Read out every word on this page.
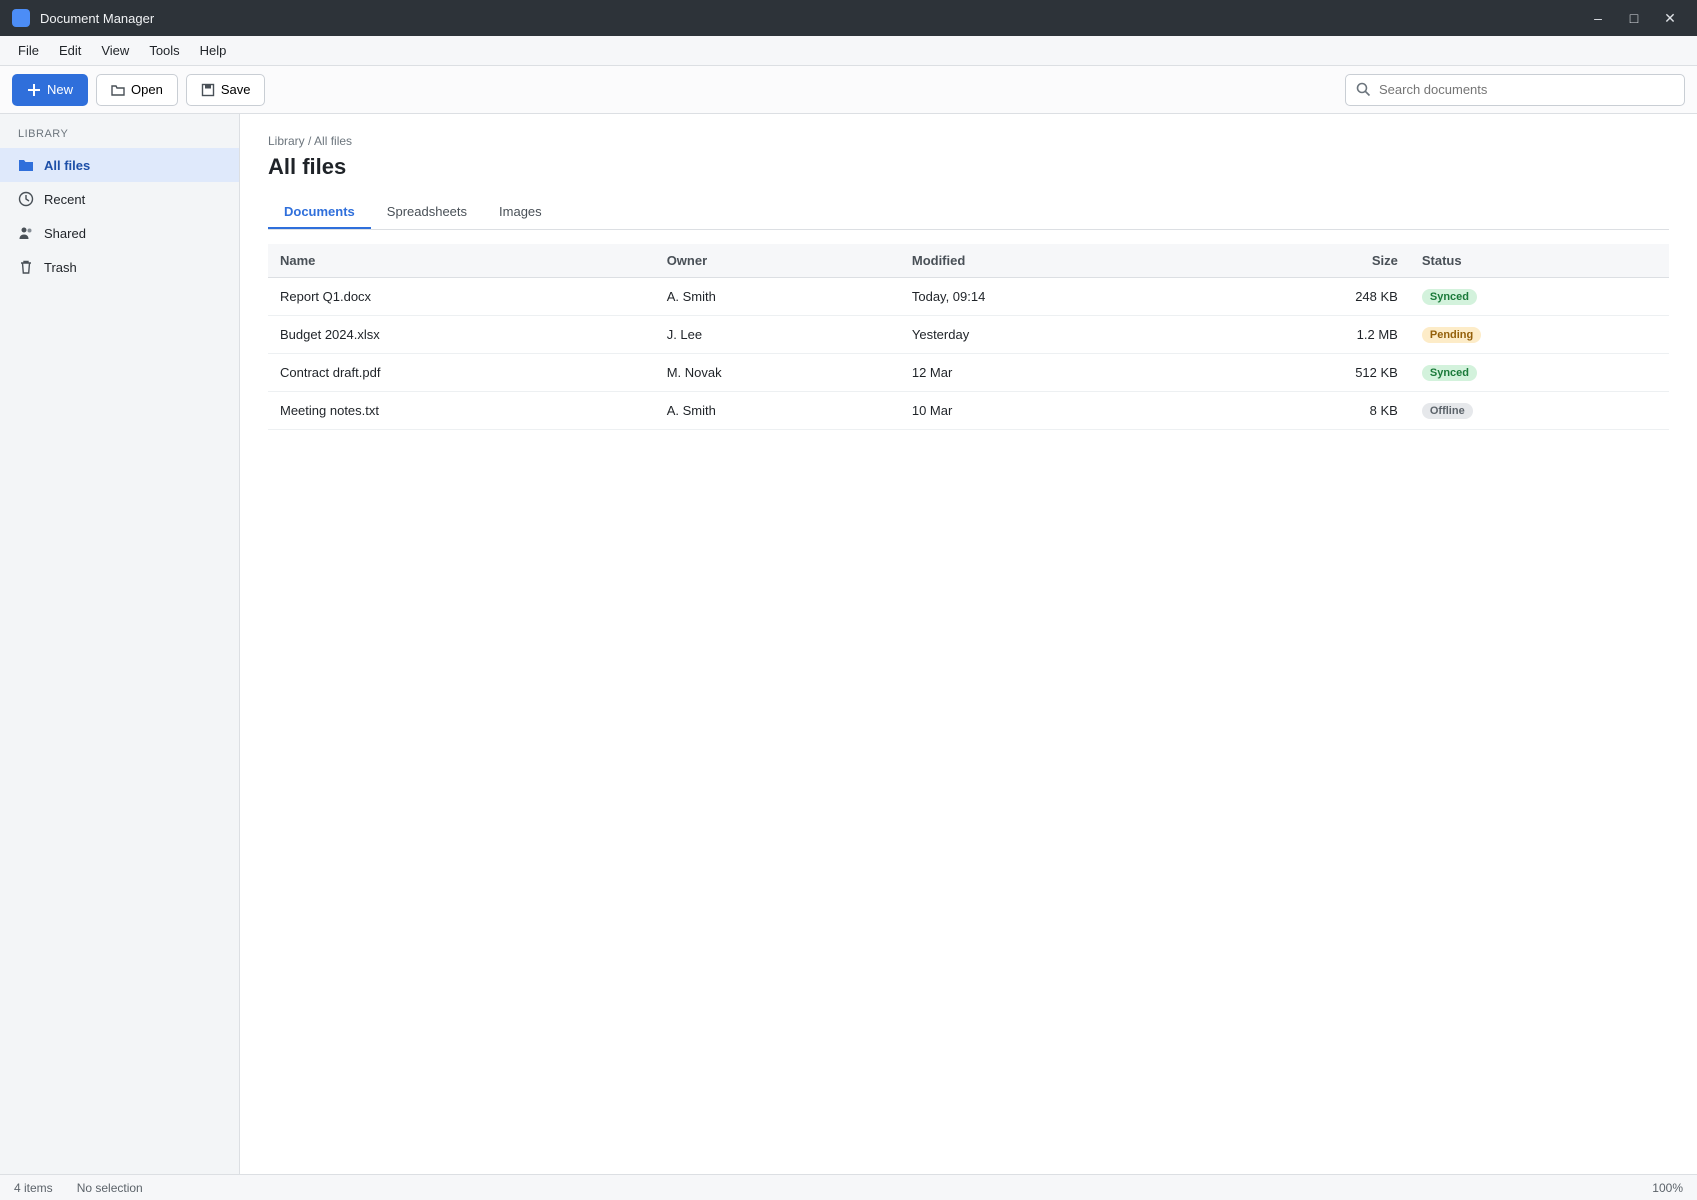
Document Manager	–	□	✕
File	Edit	View	Tools	Help
New	Open	Save
Search documents
LIBRARY
All files
Recent
Shared
Trash
Library / All files
All files
Documents	Spreadsheets	Images
Name	Owner	Modified	Size	Status
Report Q1.docx	A. Smith	Today, 09:14	248 KB	Synced
Budget 2024.xlsx	J. Lee	Yesterday	1.2 MB	Pending
Contract draft.pdf	M. Novak	12 Mar	512 KB	Synced
Meeting notes.txt	A. Smith	10 Mar	8 KB	Offline
4 items No selection	100%
